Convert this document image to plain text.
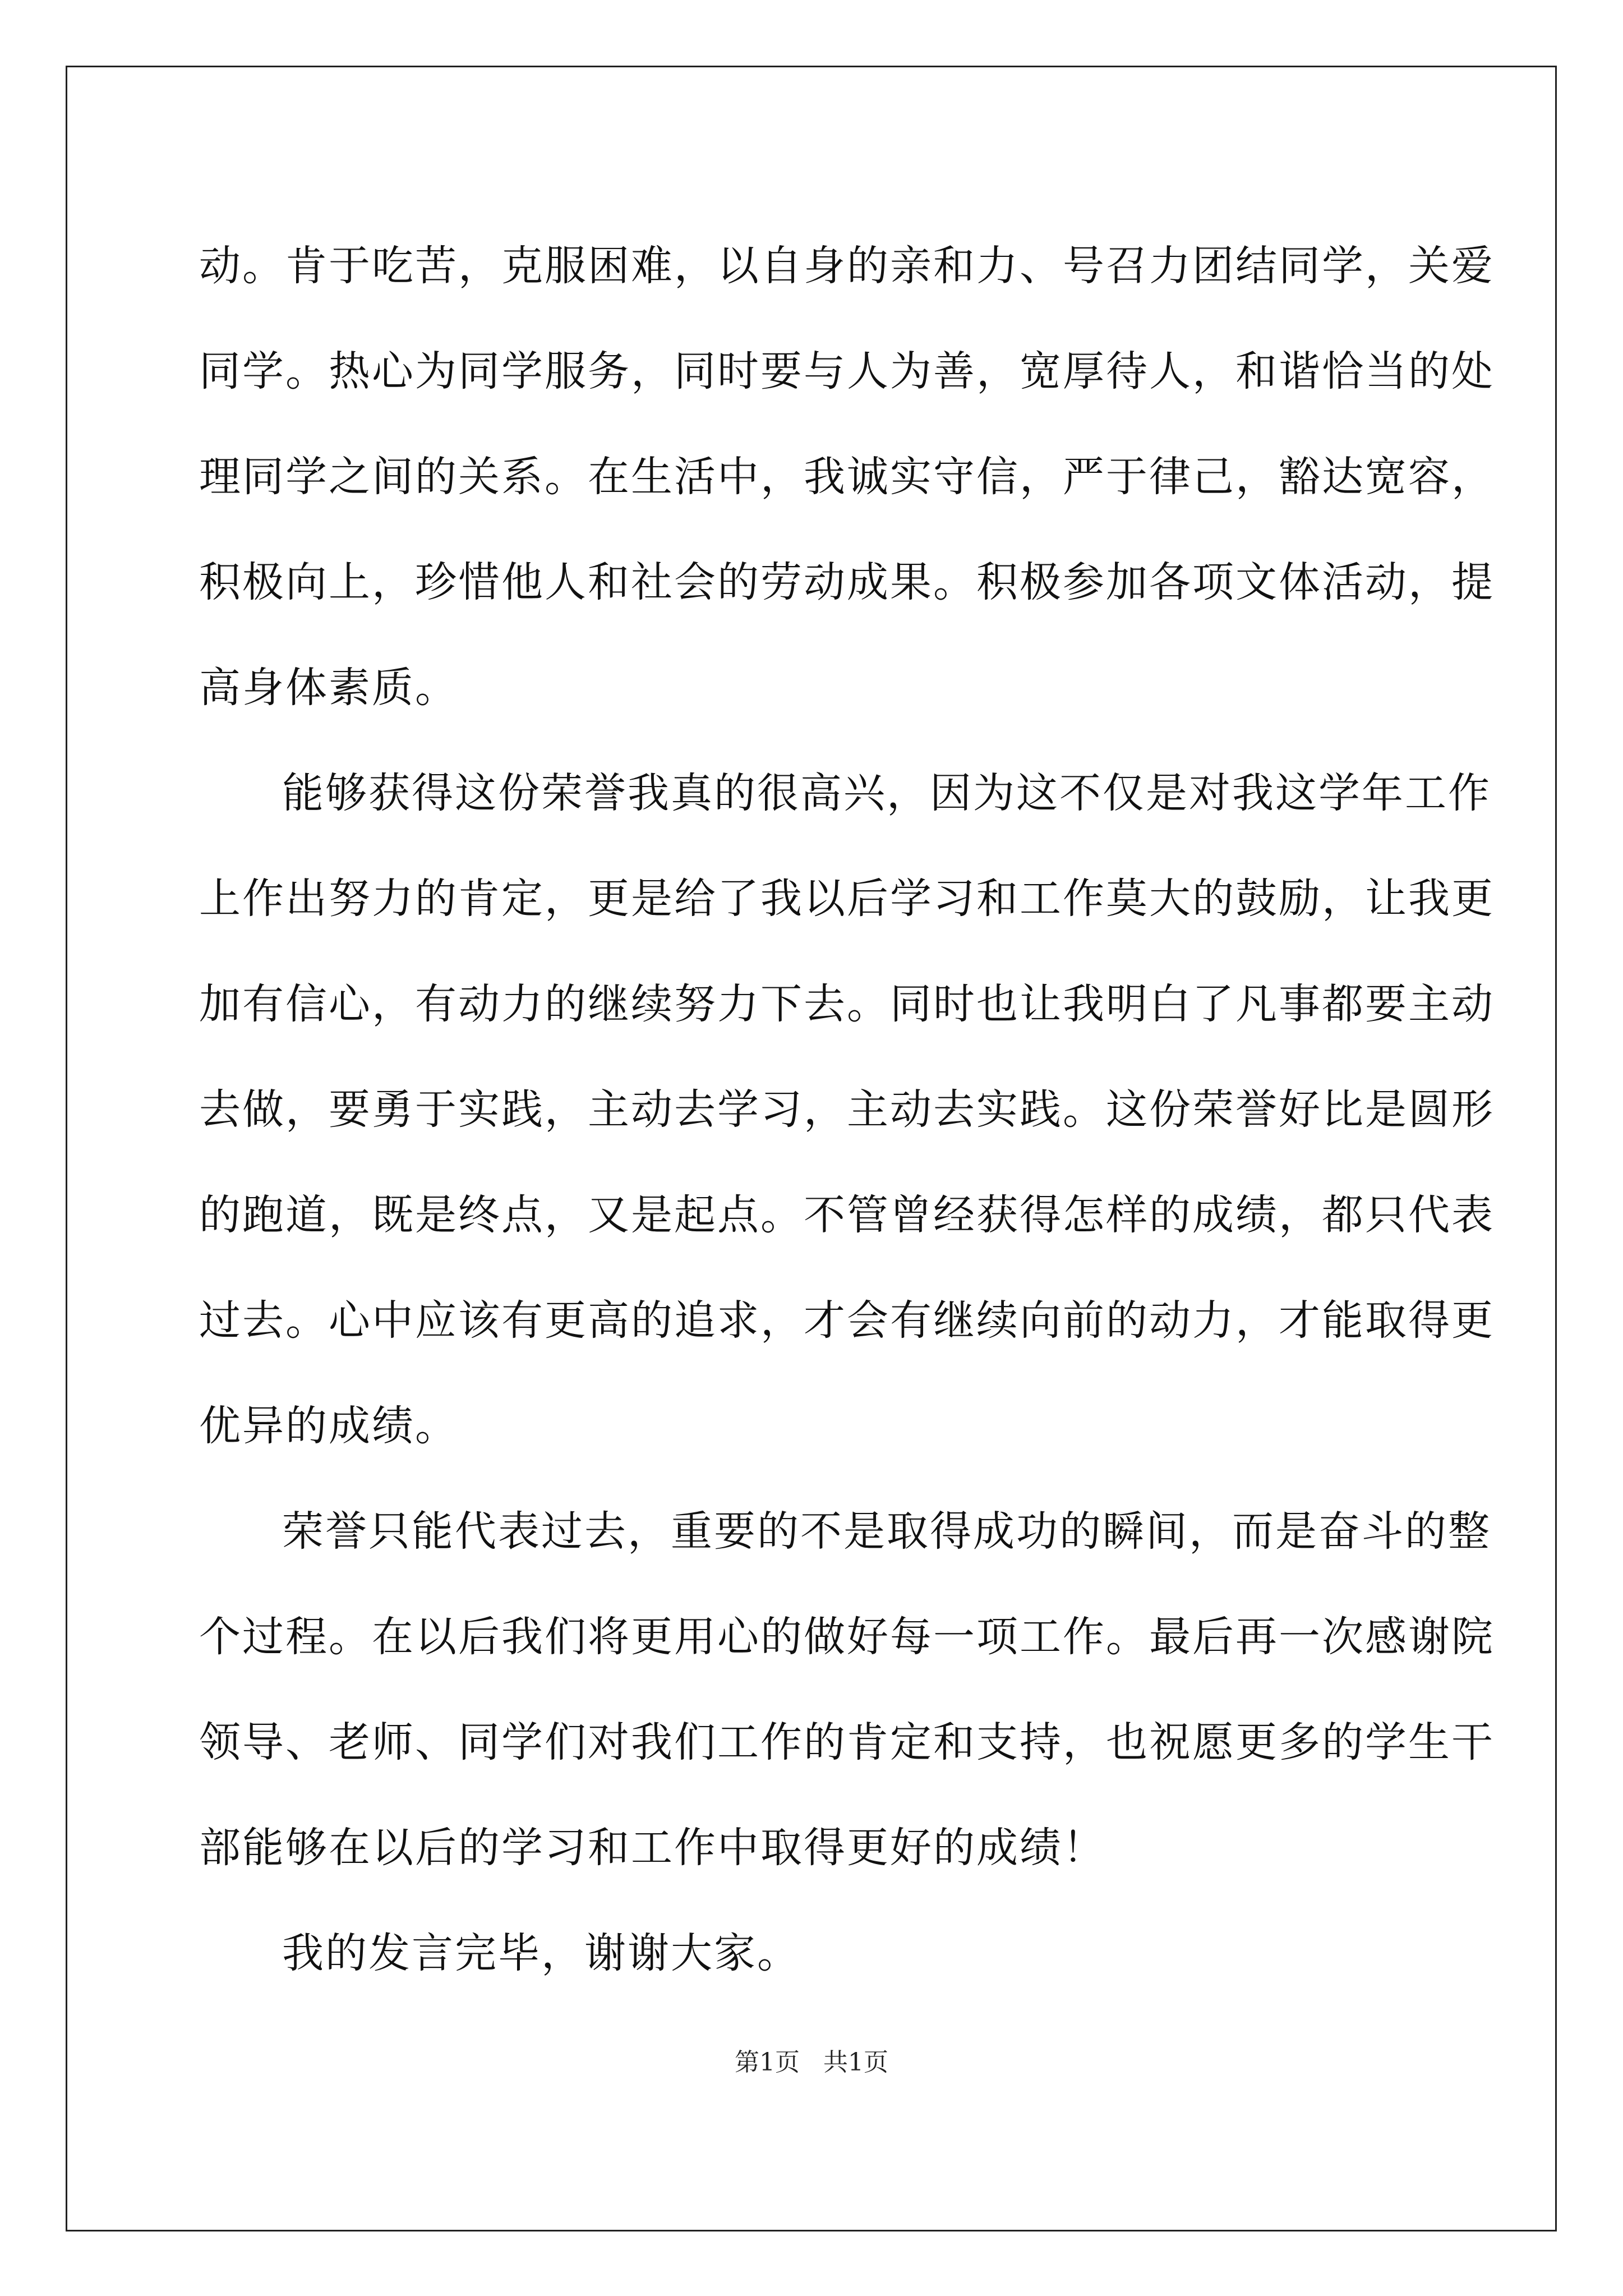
动。肯于吃苦，克服困难，以自身的亲和力、号召力团结同学，关爱
同学。热心为同学服务，同时要与人为善，宽厚待人，和谐恰当的处
理同学之间的关系。在生活中，我诚实守信，严于律己，豁达宽容，
积极向上，珍惜他人和社会的劳动成果。积极参加各项文体活动，提
高身体素质。
能够获得这份荣誉我真的很高兴，因为这不仅是对我这学年工作
上作出努力的肯定，更是给了我以后学习和工作莫大的鼓励，让我更
加有信心，有动力的继续努力下去。同时也让我明白了凡事都要主动
去做，要勇于实践，主动去学习，主动去实践。这份荣誉好比是圆形
的跑道，既是终点，又是起点。不管曾经获得怎样的成绩，都只代表
过去。心中应该有更高的追求，才会有继续向前的动力，才能取得更
优异的成绩。
荣誉只能代表过去，重要的不是取得成功的瞬间，而是奋斗的整
个过程。在以后我们将更用心的做好每一项工作。最后再一次感谢院
领导、老师、同学们对我们工作的肯定和支持，也祝愿更多的学生干
部能够在以后的学习和工作中取得更好的成绩！
我的发言完毕，谢谢大家。
第1页 共1页
